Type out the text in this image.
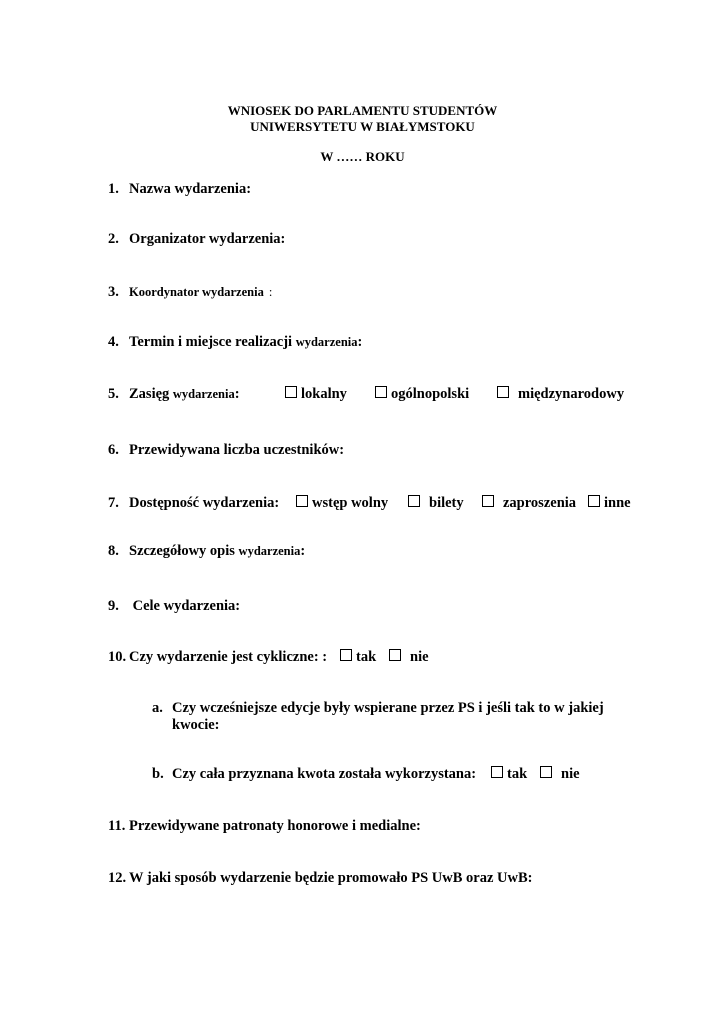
WNIOSEK DO PARLAMENTU STUDENTÓW
UNIWERSYTETU W BIAŁYMSTOKU
W …… ROKU
1. Nazwa wydarzenia:
2. Organizator wydarzenia:
3. Koordynator wydarzenia :
4. Termin i miejsce realizacji wydarzenia:
5. Zasięg wydarzenia:	lokalny	ogólnopolski	międzynarodowy
6. Przewidywana liczba uczestników:
7. Dostępność wydarzenia:	wstęp wolny	bilety	zaproszenia	inne
8. Szczegółowy opis wydarzenia:
9. Cele wydarzenia:
10. Czy wydarzenie jest cykliczne: :	tak	nie
a. Czy wcześniejsze edycje były wspierane przez PS i jeśli tak to w jakiej
kwocie:
b. Czy cała przyznana kwota została wykorzystana:	tak	nie
11. Przewidywane patronaty honorowe i medialne:
12. W jaki sposób wydarzenie będzie promowało PS UwB oraz UwB:
